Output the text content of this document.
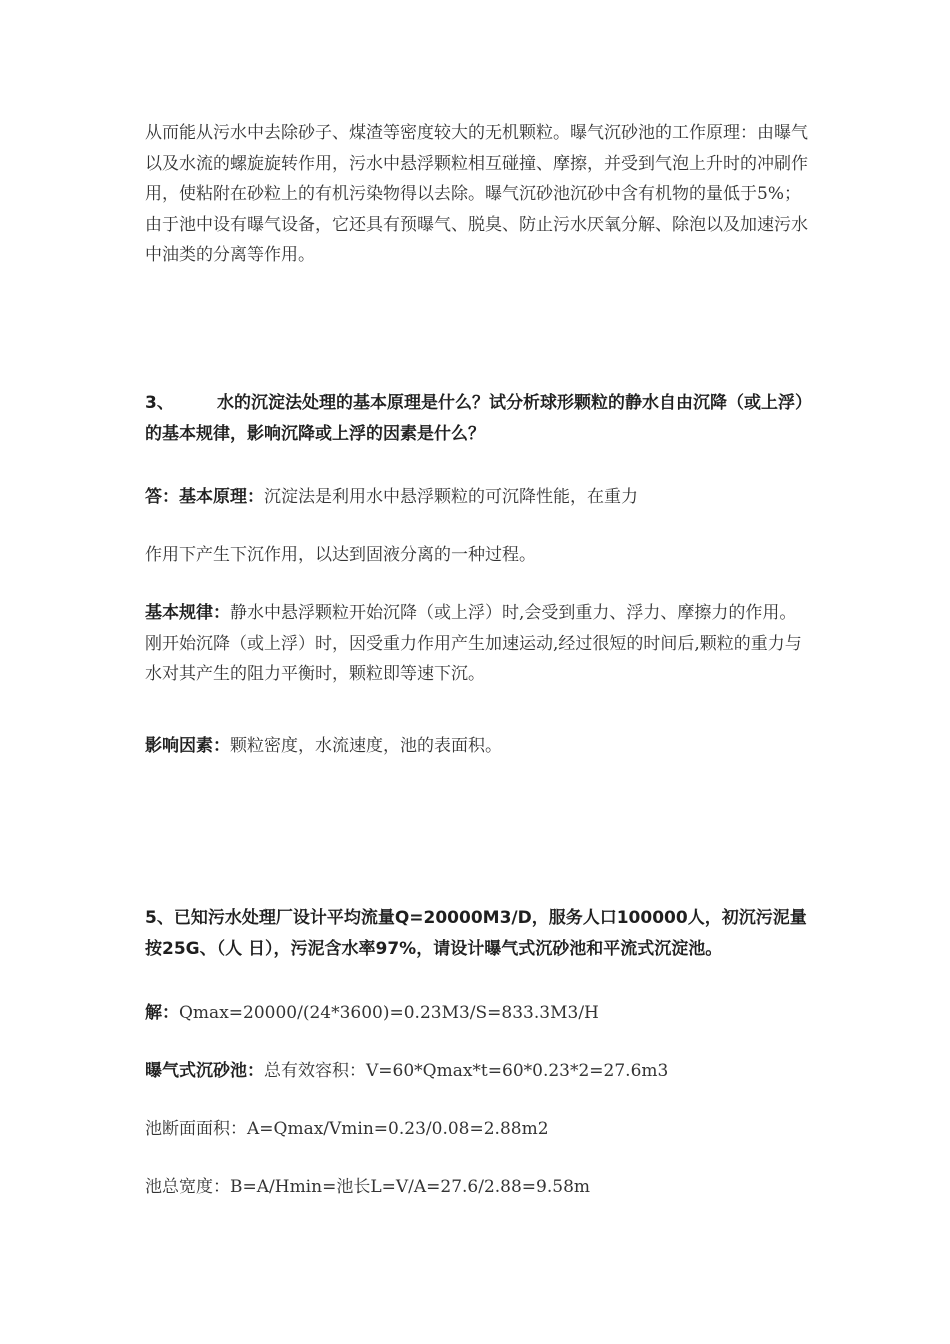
从而能从污水中去除砂子、煤渣等密度较大的无机颗粒。曝气沉砂池的工作原理：由曝气以及水流的螺旋旋转作用，污水中悬浮颗粒相互碰撞、摩擦，并受到气泡上升时的冲刷作用，使粘附在砂粒上的有机污染物得以去除。曝气沉砂池沉砂中含有机物的量低于5%；由于池中设有曝气设备，它还具有预曝气、脱臭、防止污水厌氧分解、除泡以及加速污水中油类的分离等作用。

3、	水的沉淀法处理的基本原理是什么？试分析球形颗粒的静水自由沉降（或上浮）的基本规律，影响沉降或上浮的因素是什么？

答：基本原理：沉淀法是利用水中悬浮颗粒的可沉降性能，在重力

作用下产生下沉作用，以达到固液分离的一种过程。

基本规律：静水中悬浮颗粒开始沉降（或上浮）时,会受到重力、浮力、摩擦力的作用。刚开始沉降（或上浮）时，因受重力作用产生加速运动,经过很短的时间后,颗粒的重力与水对其产生的阻力平衡时，颗粒即等速下沉。

影响因素：颗粒密度，水流速度，池的表面积。

5、已知污水处理厂设计平均流量Q=20000M3/D，服务人口100000人，初沉污泥量按25G、（人 日），污泥含水率97%，请设计曝气式沉砂池和平流式沉淀池。

解：Qmax=20000/(24*3600)=0.23M3/S=833.3M3/H

曝气式沉砂池：总有效容积：V=60*Qmax*t=60*0.23*2=27.6m3

池断面面积：A=Qmax/Vmin=0.23/0.08=2.88m2

池总宽度：B=A/Hmin=池长L=V/A=27.6/2.88=9.58m
